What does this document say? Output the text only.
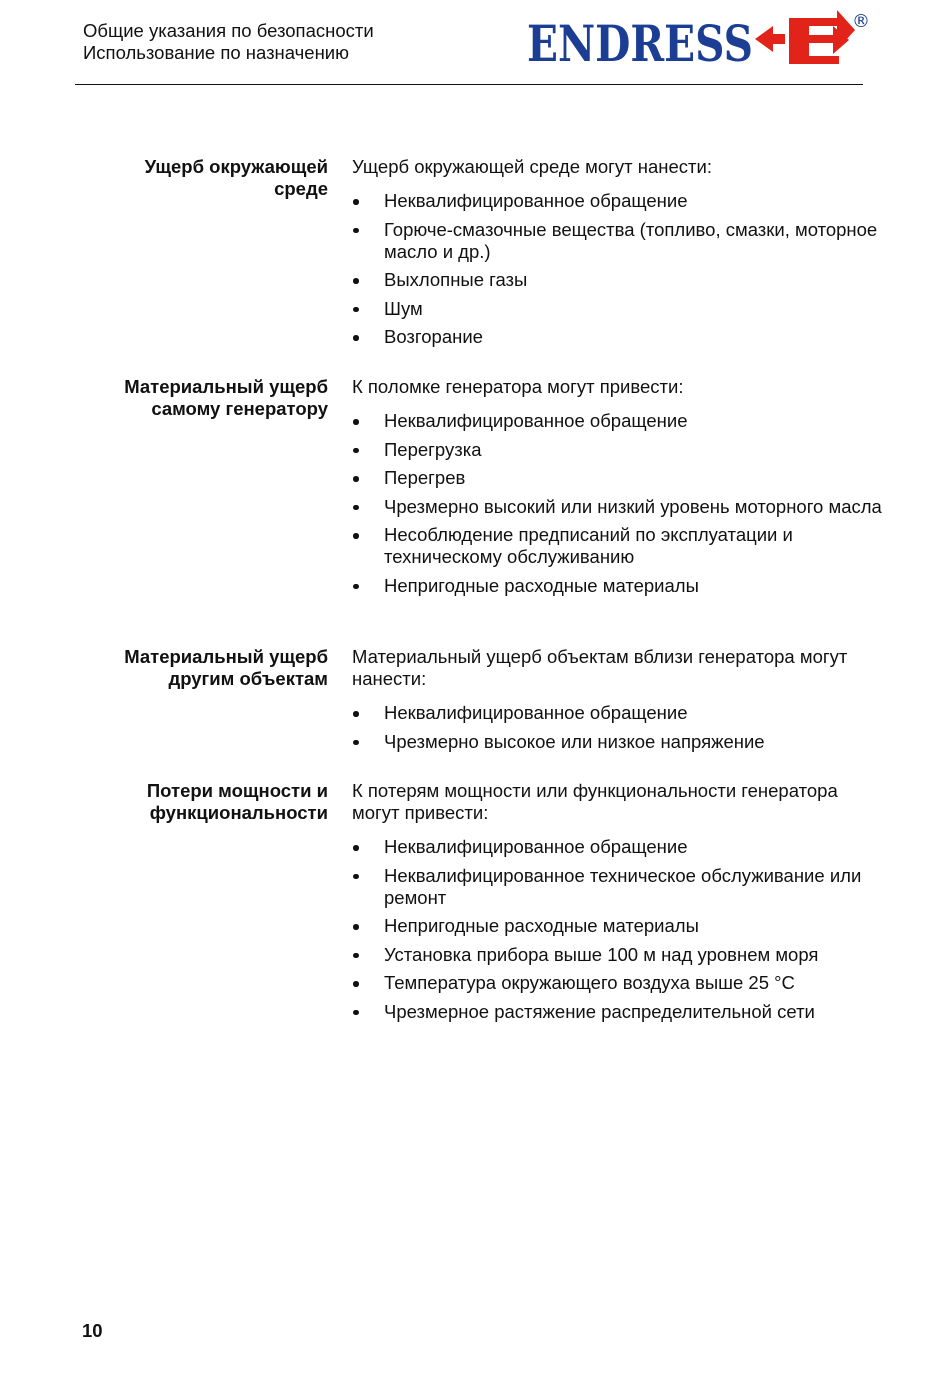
Общие указания по безопасности
Использование по назначению	ENDRESS	®
Ущерб окружающей среде

Ущерб окружающей среде могут нанести:

Неквалифицированное обращение
Горюче-смазочные вещества (топливо, смазки, моторное масло и др.)
Выхлопные газы
Шум
Возгорание
Материальный ущерб самому генератору

К поломке генератора могут привести:

Неквалифицированное обращение
Перегрузка
Перегрев
Чрезмерно высокий или низкий уровень моторного масла
Несоблюдение предписаний по эксплуатации и техническому обслуживанию
Непригодные расходные материалы
Материальный ущерб другим объектам

Материальный ущерб объектам вблизи генератора могут нанести:

Неквалифицированное обращение
Чрезмерно высокое или низкое напряжение
Потери мощности и функциональности

К потерям мощности или функциональности генератора могут привести:

Неквалифицированное обращение
Неквалифицированное техническое обслуживание или ремонт
Непригодные расходные материалы
Установка прибора выше 100 м над уровнем моря
Температура окружающего воздуха выше 25 °С
Чрезмерное растяжение распределительной сети
10
